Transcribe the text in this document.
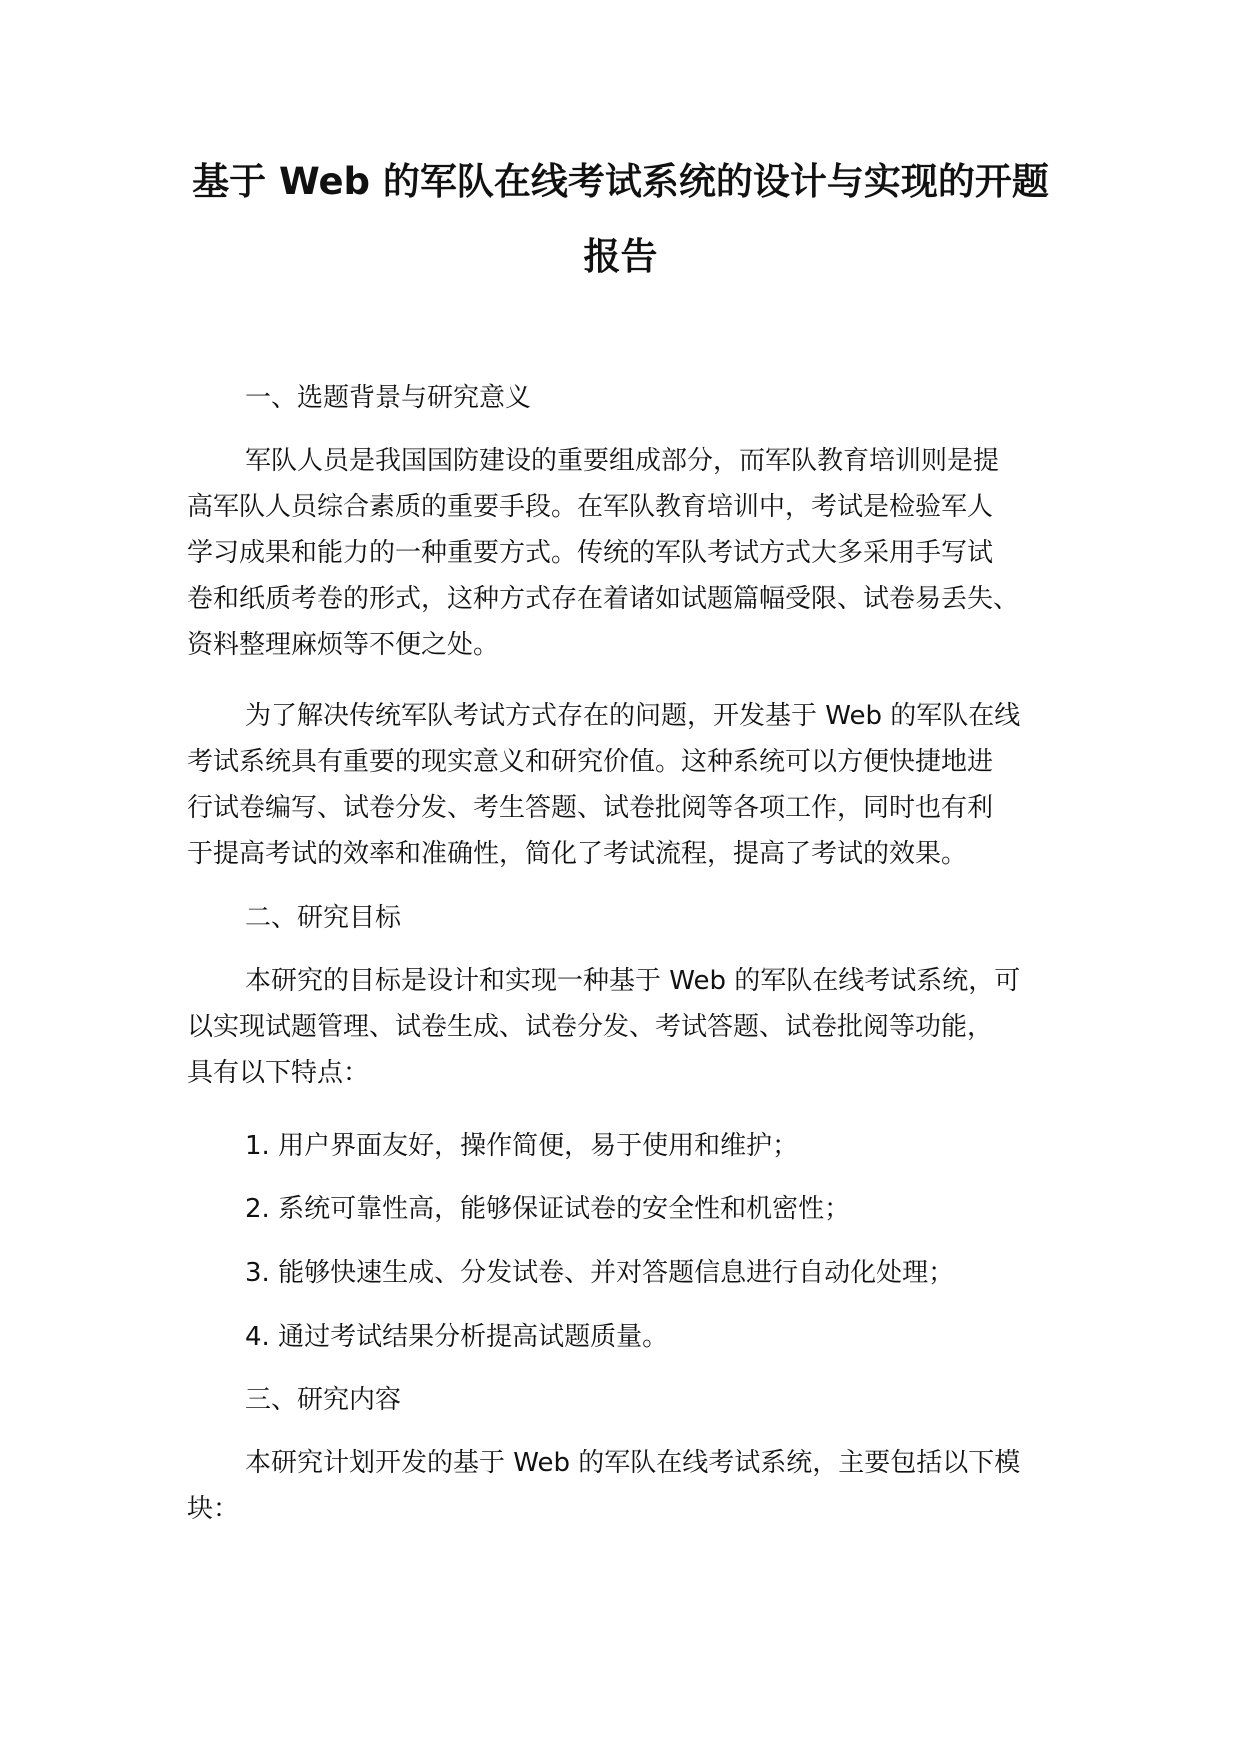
基于 Web 的军队在线考试系统的设计与实现的开题
报告
一、选题背景与研究意义
军队人员是我国国防建设的重要组成部分，而军队教育培训则是提
高军队人员综合素质的重要手段。在军队教育培训中，考试是检验军人
学习成果和能力的一种重要方式。传统的军队考试方式大多采用手写试
卷和纸质考卷的形式，这种方式存在着诸如试题篇幅受限、试卷易丢失、
资料整理麻烦等不便之处。
为了解决传统军队考试方式存在的问题，开发基于 Web 的军队在线
考试系统具有重要的现实意义和研究价值。这种系统可以方便快捷地进
行试卷编写、试卷分发、考生答题、试卷批阅等各项工作，同时也有利
于提高考试的效率和准确性，简化了考试流程，提高了考试的效果。
二、研究目标
本研究的目标是设计和实现一种基于 Web 的军队在线考试系统，可
以实现试题管理、试卷生成、试卷分发、考试答题、试卷批阅等功能，
具有以下特点：
1. 用户界面友好，操作简便，易于使用和维护；
2. 系统可靠性高，能够保证试卷的安全性和机密性；
3. 能够快速生成、分发试卷、并对答题信息进行自动化处理；
4. 通过考试结果分析提高试题质量。
三、研究内容
本研究计划开发的基于 Web 的军队在线考试系统，主要包括以下模
块：
